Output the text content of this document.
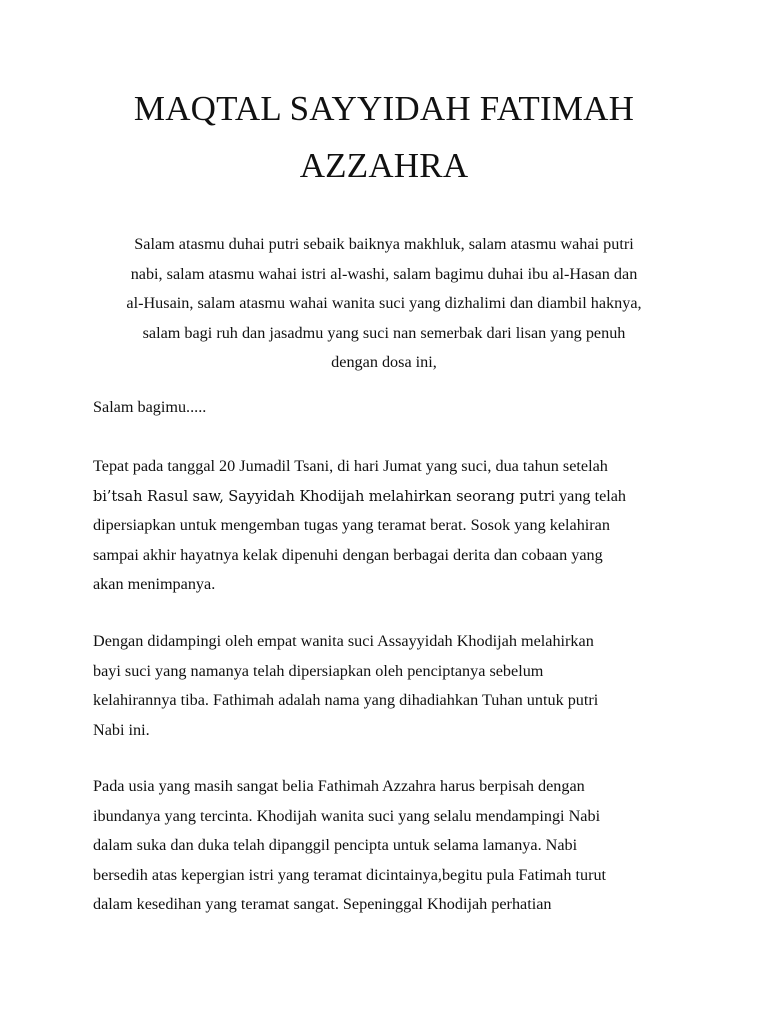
MAQTAL SAYYIDAH FATIMAH
AZZAHRA

Salam atasmu duhai putri sebaik baiknya makhluk, salam atasmu wahai putri
nabi, salam atasmu wahai istri al-washi, salam bagimu duhai ibu al-Hasan dan
al-Husain, salam atasmu wahai wanita suci yang dizhalimi dan diambil haknya,
salam bagi ruh dan jasadmu yang suci nan semerbak dari lisan yang penuh
dengan dosa ini,

Salam bagimu.....

Tepat pada tanggal 20 Jumadil Tsani, di hari Jumat yang suci, dua tahun setelah
bi’tsah Rasul saw, Sayyidah Khodijah melahirkan seorang putri yang telah
dipersiapkan untuk mengemban tugas yang teramat berat. Sosok yang kelahiran
sampai akhir hayatnya kelak dipenuhi dengan berbagai derita dan cobaan yang
akan menimpanya.

Dengan didampingi oleh empat wanita suci Assayyidah Khodijah melahirkan
bayi suci yang namanya telah dipersiapkan oleh penciptanya sebelum
kelahirannya tiba. Fathimah adalah nama yang dihadiahkan Tuhan untuk putri
Nabi ini.

Pada usia yang masih sangat belia Fathimah Azzahra harus berpisah dengan
ibundanya yang tercinta. Khodijah wanita suci yang selalu mendampingi Nabi
dalam suka dan duka telah dipanggil pencipta untuk selama lamanya. Nabi
bersedih atas kepergian istri yang teramat dicintainya,begitu pula Fatimah turut
dalam kesedihan yang teramat sangat. Sepeninggal Khodijah perhatian
